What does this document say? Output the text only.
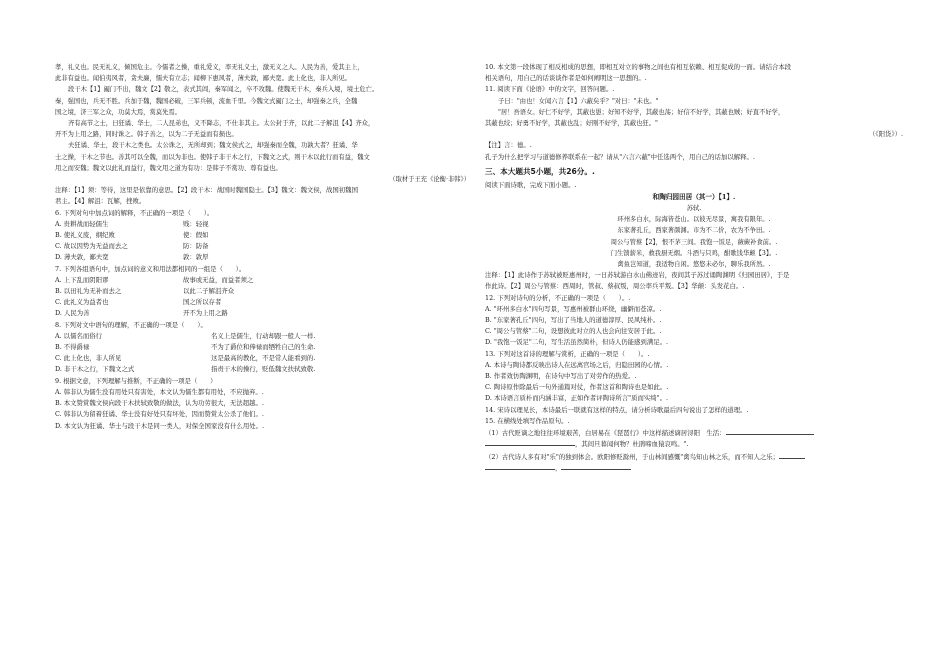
孝，礼义也。民无礼义，倾国危主。今儒者之操，重礼爱义，率无礼义士，激无义之人。人民为善，爱其主上，
此非有益也。闻伯夷风者，贪夫廉，懦夫有立志；闻柳下惠风者，薄夫敦，鄙夫宽。此上化也，非人所见。
段干木【1】阖门不出，魏文【2】敬之，表式其闾，秦军闻之，卒不攻魏。使魏无干木，秦兵入境，境土危亡。
秦，强国也，兵无不胜。兵加于魏，魏国必破，三军兵顿，流血千里。今魏文式阖门之士，却强秦之兵，全魏
国之境，济三军之众，功莫大焉，赏莫先焉。
齐有高节之士，曰狂谲、华士，二人昆弟也，义不降志，不仕非其主。太公封于齐，以此二子解沮【4】齐众，
开不为上用之路，同时诛之。韩子善之，以为二子无益而有损也。
夫狂谲、华士，段干木之类也。太公诛之，无所却到；魏文侯式之，却强秦而全魏，功孰大者？狂谲、华
士之操，干木之节也。善其可以全魏，而以为非也。使韩子非干木之行，下魏文之式，则干木以此行而有益，魏文
用之而安魏；魏文以此礼而益行，魏文用之道为有功：是韩子不赏功、尊有益也。
（取材于王充《论衡·非韩》）
注释：【1】须：等待，这里是依靠的意思。【2】段干木：战国时魏国隐士。【3】魏文：魏文侯，战国初魏国
君主。【4】解沮：瓦解，挫败。
6. 下列对句中加点词的解释，不正确的一项是（　　）。
A. 贵耕战而轻儒生	贱：轻视
B. 使礼义废，纲纪败	使：假如
C. 故以因势为无益而去之	防：防备
D. 薄夫敦，鄙夫宽	敦：敦厚
7. 下列各组语句中，加点词的意义和用法都相同的一组是（　　）。
A. 上下乱而阴阳谬	故事或无益，而益者须之
B. 以田礼为无补而去之	以此二子解沮齐众
C. 此礼义为益者也	国之所以存者
D. 人民为善	开不为上用之路
8. 下列对文中语句的理解，不正确的一项是（　　）。
A. 以儒名而俗行	名义上是儒生，行动却跟一般人一样.
B. 不得爵禄	不为了爵位和俸禄而牺牲自己的生命.
C. 此上化也，非人所见	这是最高的教化，不是常人能看到的.
D. 非干木之行，下魏文之式	指责干木的操行，贬低魏文扶轼致敬.
9. 根据文意，下列理解与推断，不正确的一项是（　　）
A. 韩非认为儒生没有用处只有害处，本文认为儒生都有用处，不应抛弃。.
B. 本文赞赏魏文侯向段干木扶轼致敬的做法，认为功劳很大，无法超越。.
C. 韩非认为留着狂谲、华士没有好处只有坏处，因而赞赏太公杀了他们。.
D. 本文认为狂谲、华士与段干木是同一类人，对保全国家没有什么用处。.
10. 本文第一段体现了相反相成的思想，即相互对立的事物之间也有相互依赖、相互促成的一面。请结合本段
相关语句，用自己的话谈谈作者是如何阐明这一思想的。.
11. 阅读下面《论语》中的文字，回答问题。.
子曰："由也！女闻六言【1】六蔽矣乎？"对曰："未也。"
"居！吾语女。好仁不好学，其蔽也愚；好知不好学，其蔽也荡；好信不好学，其蔽也贼；好直不好学，
其蔽也绞；好勇不好学，其蔽也乱；好刚不好学，其蔽也狂。"
（《阳货》）.
【注】言：德。.
孔子为什么把学习与道德修养联系在一起？请从"六言六蔽"中任选两个，用自己的话加以解释。.
三、本大题共5小题，共26分。.
阅读下面诗歌，完成下面小题。.
和陶归园田居（其一）【1】.
苏轼.
环州多白水，际海皆苍山。以彼无尽景，寓我有限年。.
东家著孔丘，西家著颜渊。市为不二价，农为不争田。.
周公与管蔡【2】，恨不茅三间。我饱一饭足，薇蕨补食前。.
门生馈薪米，救我厨无烟。斗酒与只鸡，酣歌饯华颠【3】。.
禽鱼岂知道，我适物自闲。悠悠未必尔，聊乐我所然。.
注释：【1】此诗作于苏轼被贬惠州时，一日苏轼游白水山佛迹岩，夜间其子苏过诵陶渊明《归园田居》，于是
作此诗。【2】周公与管蔡：西周时，管叔、蔡叔叛，周公率兵平叛。【3】华颠：头发花白。.
12. 下列对诗句的分析，不正确的一项是（　　）。.
A. "环州多白水"四句写景，写惠州被群山环绕，幽僻而苍凉。.
B. "东家著孔丘"四句，写出了当地人的道德淳厚、民风纯朴。.
C. "周公与管蔡"二句，设想彼此对立的人也会向往安居于此。.
D. "我饱一饭足"二句，写生活虽然简朴，但诗人仍能感到满足。.
13. 下列对这首诗的理解与赏析，正确的一项是（　　）。.
A. 本诗与陶诗都反映出诗人在远离官场之后，归隐田园的心情。.
B. 作者效仿陶渊明，在诗句中写出了对劳作的热爱。.
C. 陶诗原作除最后一句外通篇对仗，作者这首和陶诗也是如此。.
D. 本诗语言质朴而内涵丰富，正如作者评陶诗所言"质而实绮"。.
14. 宋诗以理见长，本诗最后一联就有这样的特点，请分析诗歌最后四句说出了怎样的道理。.
15. 在横线处填写作品原句。.
（1）古代贬谪之地往往环境艰苦，白居易在《琵琶行》中这样描述谪居浔阳　生活：
，其间旦暮闻何物？杜鹃啼血猿哀鸣。".
（2）古代诗人多有对"乐"的独到体会。欧阳修贬滁州，于山林间感慨"禽鸟知山林之乐，而不知人之乐；
，
